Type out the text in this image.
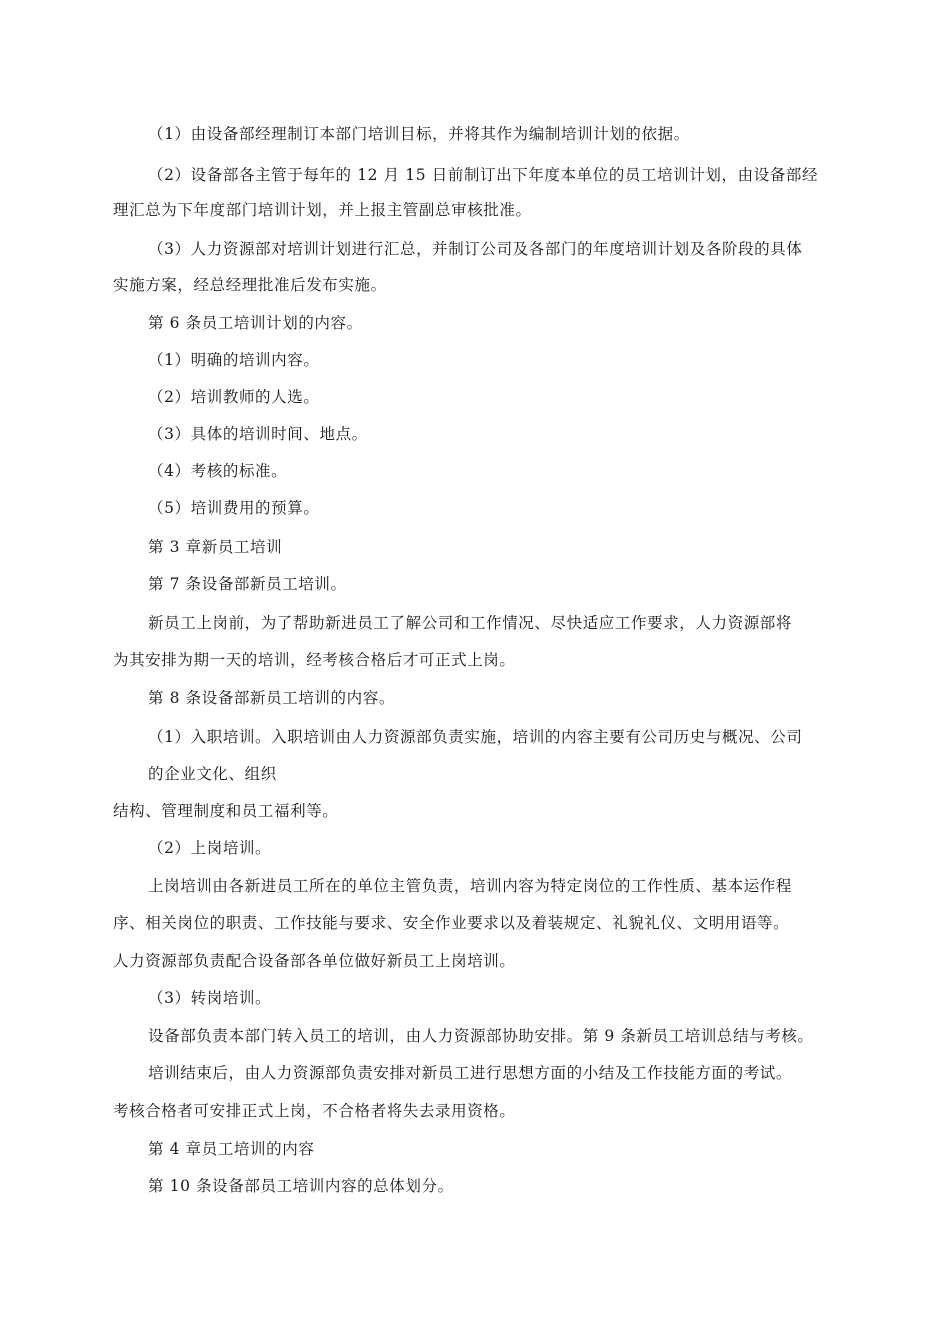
（1）由设备部经理制订本部门培训目标，并将其作为编制培训计划的依据。
（2）设备部各主管于每年的 12 月 15 日前制订出下年度本单位的员工培训计划，由设备部经
理汇总为下年度部门培训计划，并上报主管副总审核批准。
（3）人力资源部对培训计划进行汇总，并制订公司及各部门的年度培训计划及各阶段的具体
实施方案，经总经理批准后发布实施。
第 6 条员工培训计划的内容。
（1）明确的培训内容。
（2）培训教师的人选。
（3）具体的培训时间、地点。
（4）考核的标准。
（5）培训费用的预算。
第 3 章新员工培训
第 7 条设备部新员工培训。
新员工上岗前，为了帮助新进员工了解公司和工作情况、尽快适应工作要求，人力资源部将
为其安排为期一天的培训，经考核合格后才可正式上岗。
第 8 条设备部新员工培训的内容。
（1）入职培训。入职培训由人力资源部负责实施，培训的内容主要有公司历史与概况、公司
的企业文化、组织
结构、管理制度和员工福利等。
（2）上岗培训。
上岗培训由各新进员工所在的单位主管负责，培训内容为特定岗位的工作性质、基本运作程
序、相关岗位的职责、工作技能与要求、安全作业要求以及着装规定、礼貌礼仪、文明用语等。
人力资源部负责配合设备部各单位做好新员工上岗培训。
（3）转岗培训。
设备部负责本部门转入员工的培训，由人力资源部协助安排。第 9 条新员工培训总结与考核。
培训结束后，由人力资源部负责安排对新员工进行思想方面的小结及工作技能方面的考试。
考核合格者可安排正式上岗，不合格者将失去录用资格。
第 4 章员工培训的内容
第 10 条设备部员工培训内容的总体划分。
